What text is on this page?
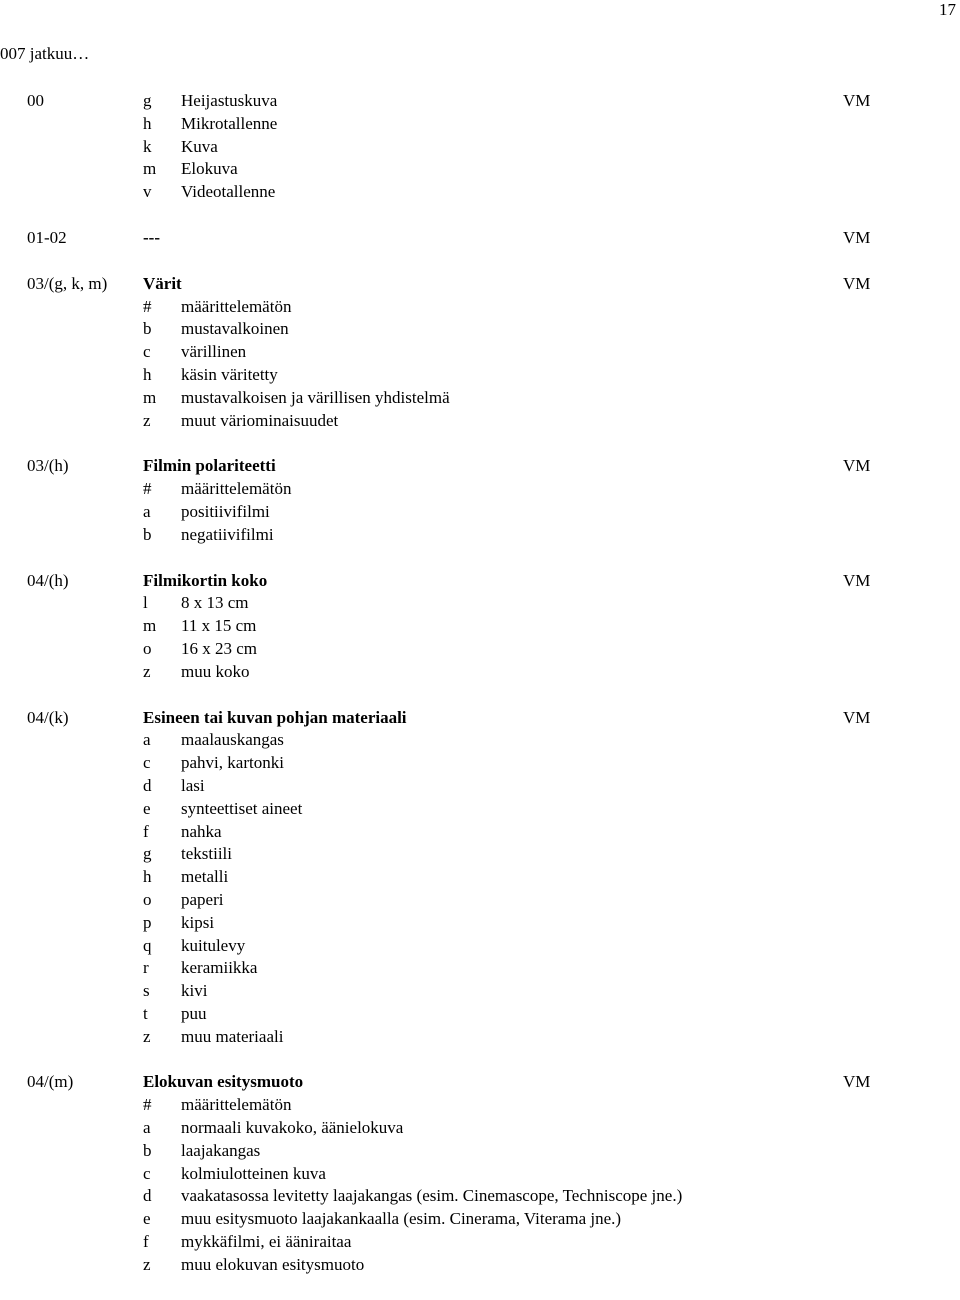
17
007 jatkuu…
00	g Heijastuskuva	VM
h Mikrotallenne
k Kuva
m Elokuva
v Videotallenne
01-02	---	VM
03/(g, k, m) Värit	VM
# määrittelemätön
b mustavalkoinen
c värillinen
h käsin väritetty
m mustavalkoisen ja värillisen yhdistelmä
z muut väriominaisuudet
03/(h)	Filmin polariteetti	VM
# määrittelemätön
a positiivifilmi
b negatiivifilmi
04/(h)	Filmikortin koko	VM
l 8 x 13 cm
m 11 x 15 cm
o 16 x 23 cm
z muu koko
04/(k)	Esineen tai kuvan pohjan materiaali	VM
a maalauskangas
c pahvi, kartonki
d lasi
e synteettiset aineet
f nahka
g tekstiili
h metalli
o paperi
p kipsi
q kuitulevy
r keramiikka
s kivi
t puu
z muu materiaali
04/(m)	Elokuvan esitysmuoto	VM
# määrittelemätön
a normaali kuvakoko, äänielokuva
b laajakangas
c kolmiulotteinen kuva
d vaakatasossa levitetty laajakangas (esim. Cinemascope, Techniscope jne.)
e muu esitysmuoto laajakankaalla (esim. Cinerama, Viterama jne.)
f mykkäfilmi, ei ääniraitaa
z muu elokuvan esitysmuoto
